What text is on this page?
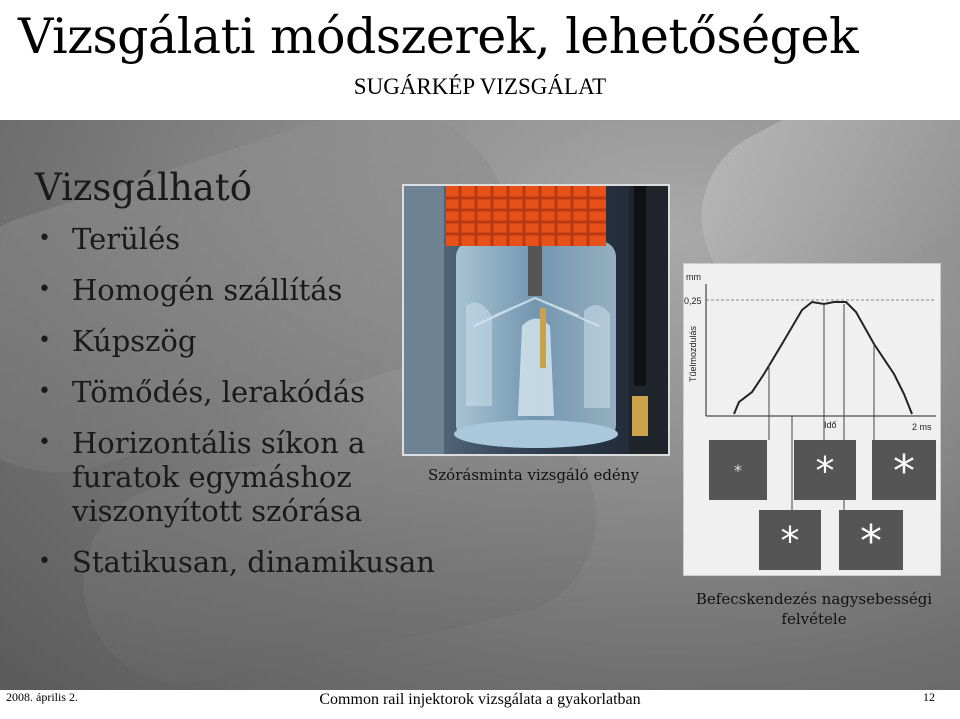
Vizsgálati módszerek, lehetőségek
SUGÁRKÉP VIZSGÁLAT
Vizsgálható
• Terülés
• Homogén szállítás
• Kúpszög
• Tömődés, lerakódás
• Horizontális síkon a furatok egymáshoz viszonyított szórása
• Statikusan, dinamikusan
Szórásminta vizsgáló edény
mm
0,25
Tűelmozdulás
Idő	2 ms
* * *
* *
Befecskendezés nagysebességi felvétele
2008. április 2.	Common rail injektorok vizsgálata a gyakorlatban	12
